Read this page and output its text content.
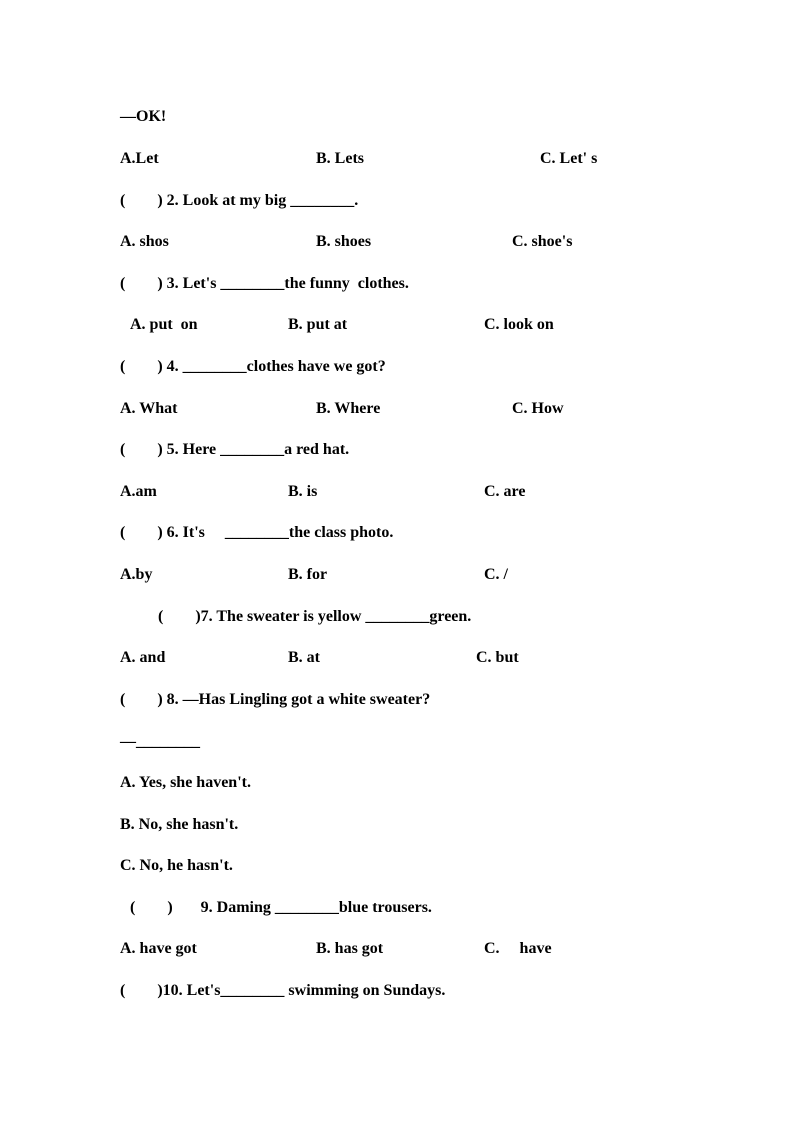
—OK!
A.Let	B. Lets	C. Let' s
(        ) 2. Look at my big ________.
A. shos	B. shoes	C. shoe's
(        ) 3. Let's ________the funny  clothes.
A. put  on	B. put at	C. look on
(        ) 4. ________clothes have we got?
A. What	B. Where	C. How
(        ) 5. Here ________a red hat.
A.am	B. is	C. are
(        ) 6. It's     ________the class photo.
A.by	B. for	C. /
(        )7. The sweater is yellow ________green.
A. and	B. at	C. but
(        ) 8. —Has Lingling got a white sweater?
—________
A. Yes, she haven't.
B. No, she hasn't.
C. No, he hasn't.
(        )       9. Daming ________blue trousers.
A. have got	B. has got	C.     have
(        )10. Let's________ swimming on Sundays.
